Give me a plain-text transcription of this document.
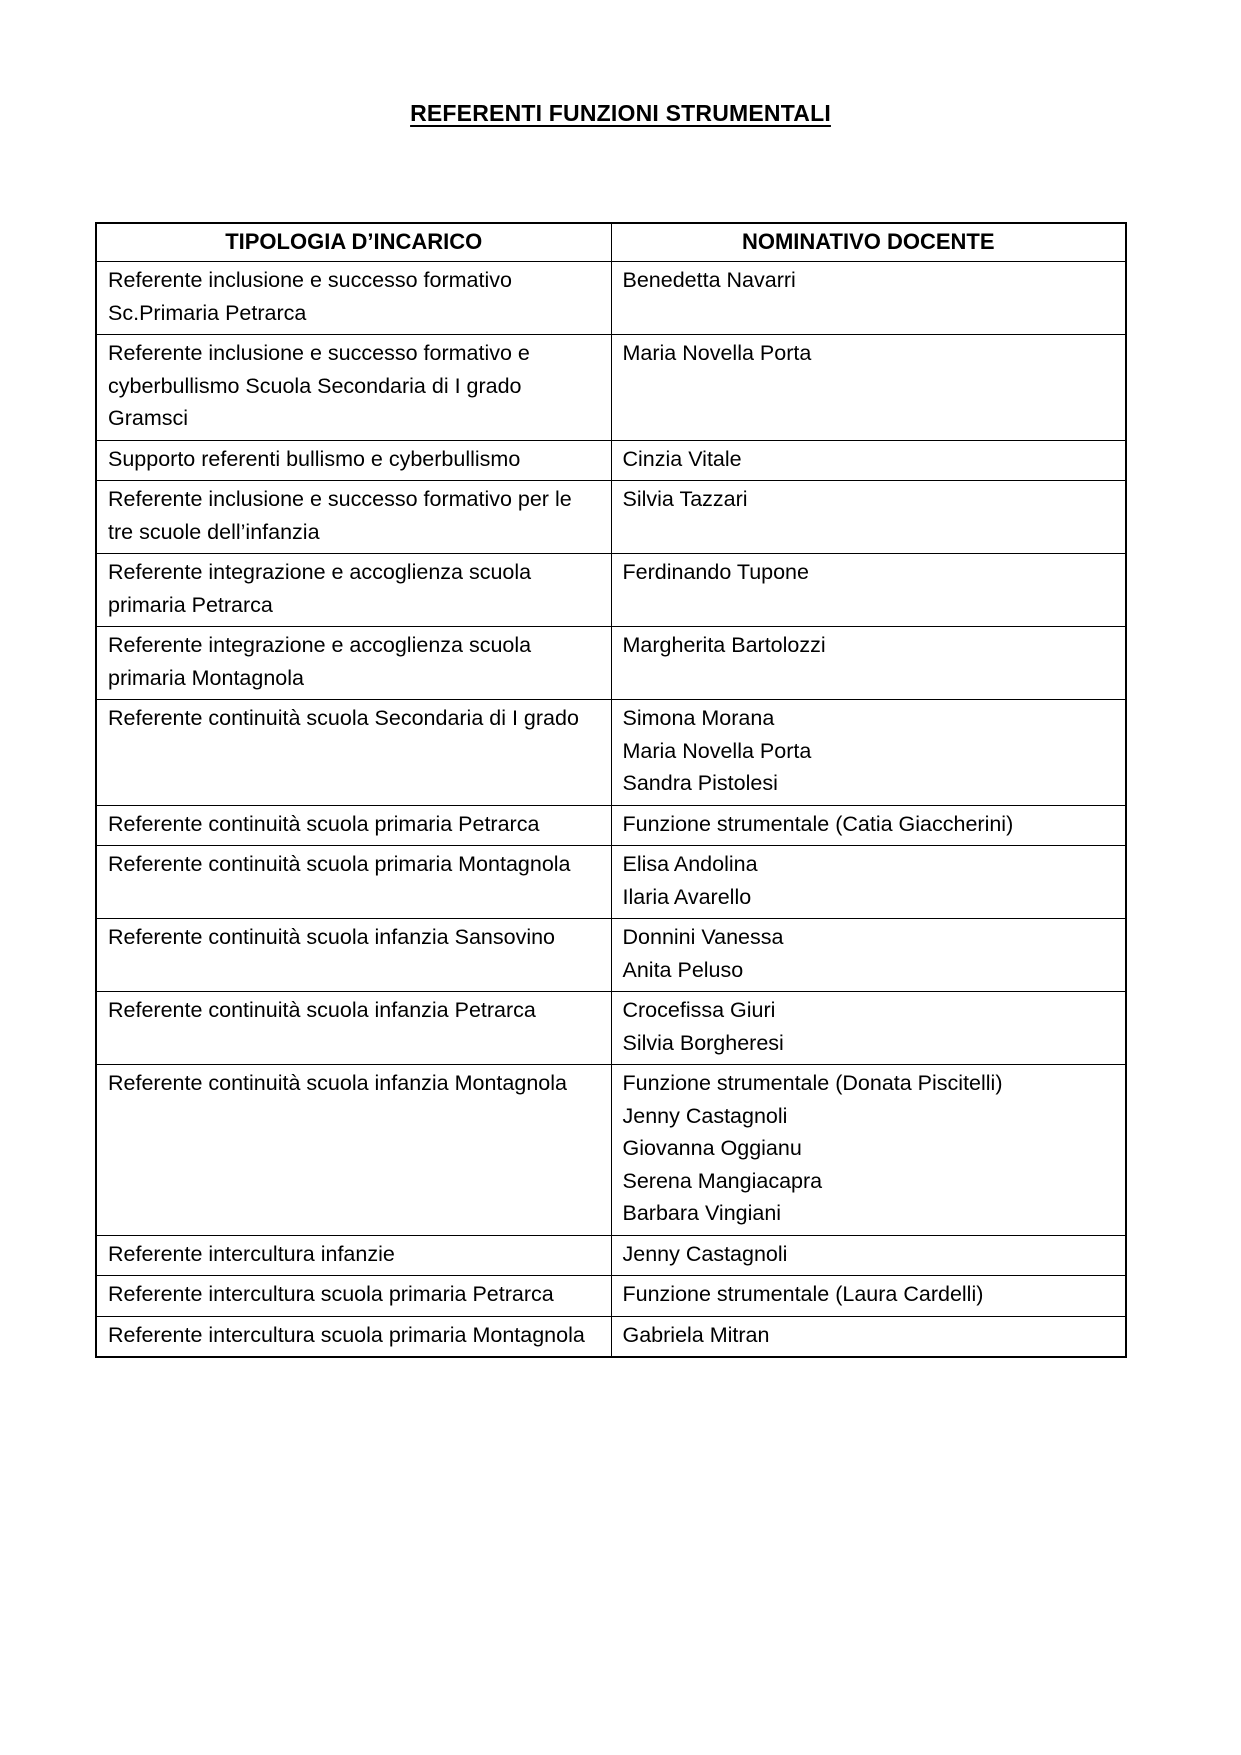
REFERENTI FUNZIONI STRUMENTALI
TIPOLOGIA D’INCARICO	NOMINATIVO DOCENTE
Referente inclusione e successo formativo Sc.Primaria Petrarca	Benedetta Navarri

Referente inclusione e successo formativo e cyberbullismo Scuola Secondaria di I grado Gramsci	Maria Novella Porta

Supporto referenti bullismo e cyberbullismo	Cinzia Vitale

Referente inclusione e successo formativo per le tre scuole dell’infanzia	Silvia Tazzari

Referente integrazione e accoglienza scuola primaria Petrarca	Ferdinando Tupone

Referente integrazione e accoglienza scuola primaria Montagnola	Margherita Bartolozzi

Referente continuità scuola Secondaria di I grado	Simona Morana
Maria Novella Porta
Sandra Pistolesi

Referente continuità scuola primaria Petrarca	Funzione strumentale (Catia Giaccherini)

Referente continuità scuola primaria Montagnola	Elisa Andolina
Ilaria Avarello

Referente continuità scuola infanzia Sansovino	Donnini Vanessa
Anita Peluso

Referente continuità scuola infanzia Petrarca	Crocefissa Giuri
Silvia Borgheresi

Referente continuità scuola infanzia Montagnola	Funzione strumentale (Donata Piscitelli)
Jenny Castagnoli
Giovanna Oggianu
Serena Mangiacapra
Barbara Vingiani

Referente intercultura infanzie	Jenny Castagnoli

Referente intercultura scuola primaria Petrarca	Funzione strumentale (Laura Cardelli)

Referente intercultura scuola primaria Montagnola	Gabriela Mitran
